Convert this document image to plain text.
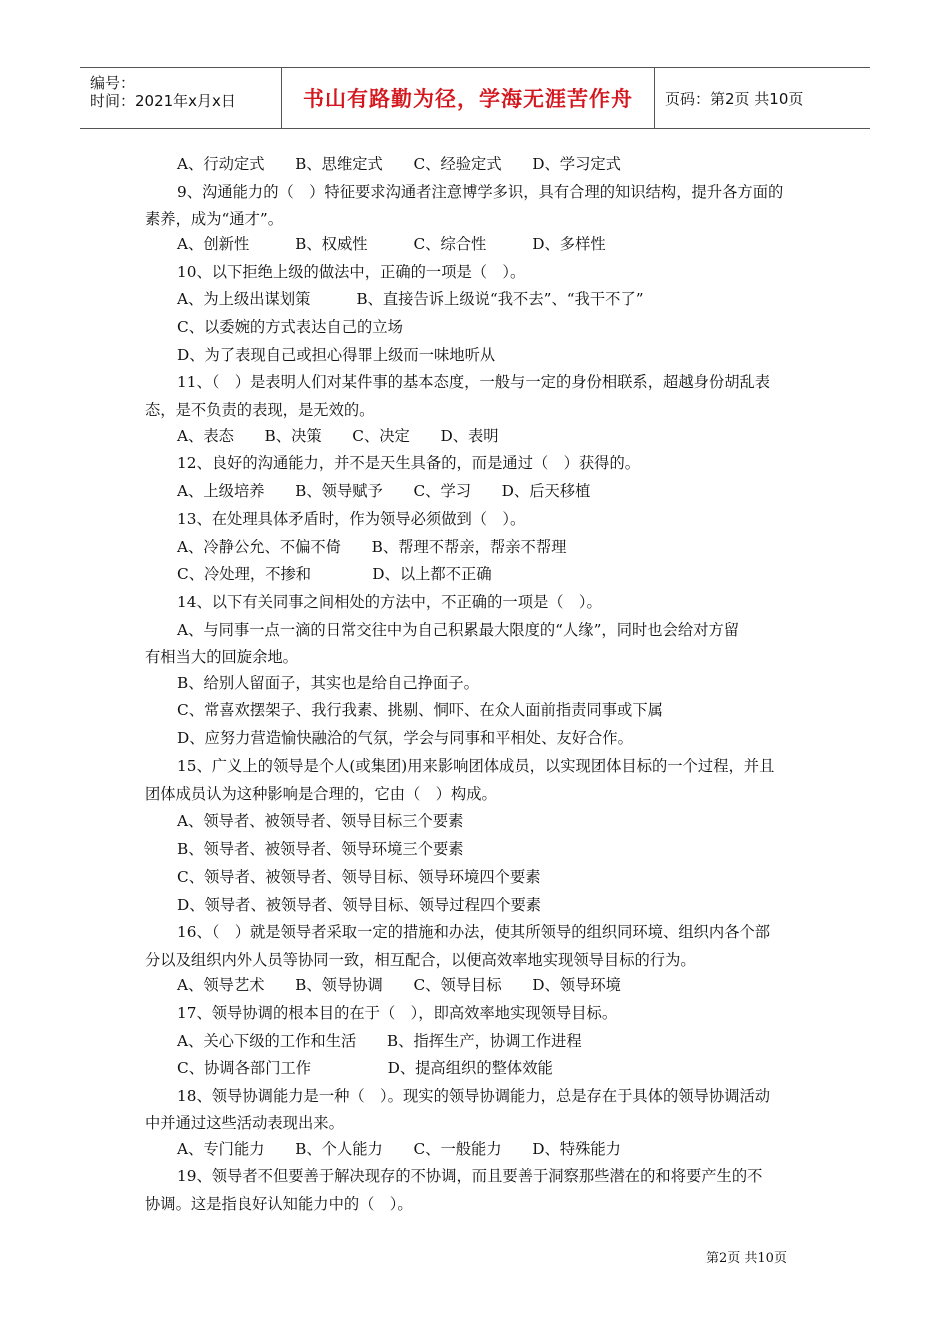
编号：
时间：2021年x月x日	书山有路勤为径，学海无涯苦作舟 页码：第2页 共10页
A、行动定式　　B、思维定式　　C、经验定式　　D、学习定式
9、沟通能力的（　）特征要求沟通者注意博学多识，具有合理的知识结构，提升各方面的
素养，成为“通才”。
A、创新性　　　B、权威性　　　C、综合性　　　D、多样性
10、以下拒绝上级的做法中，正确的一项是（　）。
A、为上级出谋划策　　　B、直接告诉上级说“我不去”、“我干不了”
C、以委婉的方式表达自己的立场
D、为了表现自己或担心得罪上级而一味地听从
11、（　）是表明人们对某件事的基本态度，一般与一定的身份相联系，超越身份胡乱表
态，是不负责的表现，是无效的。
A、表态　　B、决策　　C、决定　　D、表明
12、良好的沟通能力，并不是天生具备的，而是通过（　）获得的。
A、上级培养　　B、领导赋予　　C、学习　　D、后天移植
13、在处理具体矛盾时，作为领导必须做到（　）。
A、冷静公允、不偏不倚　　B、帮理不帮亲，帮亲不帮理
C、冷处理，不掺和　　　　D、以上都不正确
14、以下有关同事之间相处的方法中，不正确的一项是（　）。
A、与同事一点一滴的日常交往中为自己积累最大限度的“人缘”，同时也会给对方留
有相当大的回旋余地。
B、给别人留面子，其实也是给自己挣面子。
C、常喜欢摆架子、我行我素、挑剔、恫吓、在众人面前指责同事或下属
D、应努力营造愉快融洽的气氛，学会与同事和平相处、友好合作。
15、广义上的领导是个人(或集团)用来影响团体成员，以实现团体目标的一个过程，并且
团体成员认为这种影响是合理的，它由（　）构成。
A、领导者、被领导者、领导目标三个要素
B、领导者、被领导者、领导环境三个要素
C、领导者、被领导者、领导目标、领导环境四个要素
D、领导者、被领导者、领导目标、领导过程四个要素
16、（　）就是领导者采取一定的措施和办法，使其所领导的组织同环境、组织内各个部
分以及组织内外人员等协同一致，相互配合，以便高效率地实现领导目标的行为。
A、领导艺术　　B、领导协调　　C、领导目标　　D、领导环境
17、领导协调的根本目的在于（　），即高效率地实现领导目标。
A、关心下级的工作和生活　　B、指挥生产，协调工作进程
C、协调各部门工作　　　　　D、提高组织的整体效能
18、领导协调能力是一种（　）。现实的领导协调能力，总是存在于具体的领导协调活动
中并通过这些活动表现出来。
A、专门能力　　B、个人能力　　C、一般能力　　D、特殊能力
19、领导者不但要善于解决现存的不协调，而且要善于洞察那些潜在的和将要产生的不
协调。这是指良好认知能力中的（　）。
第2页 共10页
